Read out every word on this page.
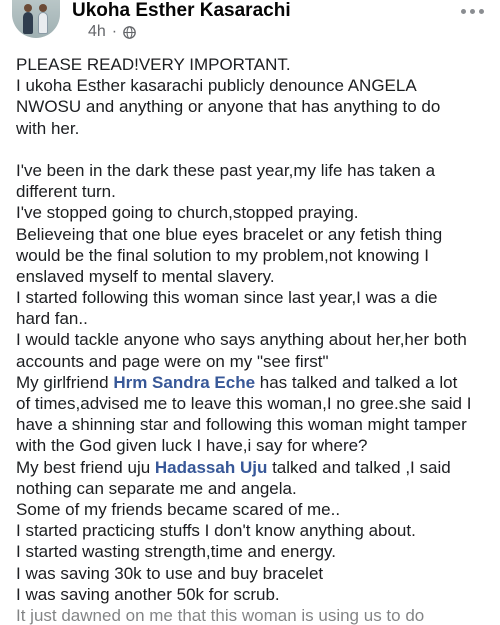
Ukoha Esther Kasarachi
4h ·
PLEASE READ!VERY IMPORTANT.
I ukoha Esther kasarachi publicly denounce ANGELA
NWOSU and anything or anyone that has anything to do
with her.
I've been in the dark these past year,my life has taken a
different turn.
I've stopped going to church,stopped praying.
Believeing that one blue eyes bracelet or any fetish thing
would be the final solution to my problem,not knowing I
enslaved myself to mental slavery.
I started following this woman since last year,I was a die
hard fan..
I would tackle anyone who says anything about her,her both
accounts and page were on my "see first"
My girlfriend Hrm Sandra Eche has talked and talked a lot
of times,advised me to leave this woman,I no gree.she said I
have a shinning star and following this woman might tamper
with the God given luck I have,i say for where?
My best friend uju Hadassah Uju talked and talked ,I said
nothing can separate me and angela.
Some of my friends became scared of me..
I started practicing stuffs I don't know anything about.
I started wasting strength,time and energy.
I was saving 30k to use and buy bracelet
I was saving another 50k for scrub.
It just dawned on me that this woman is using us to do
